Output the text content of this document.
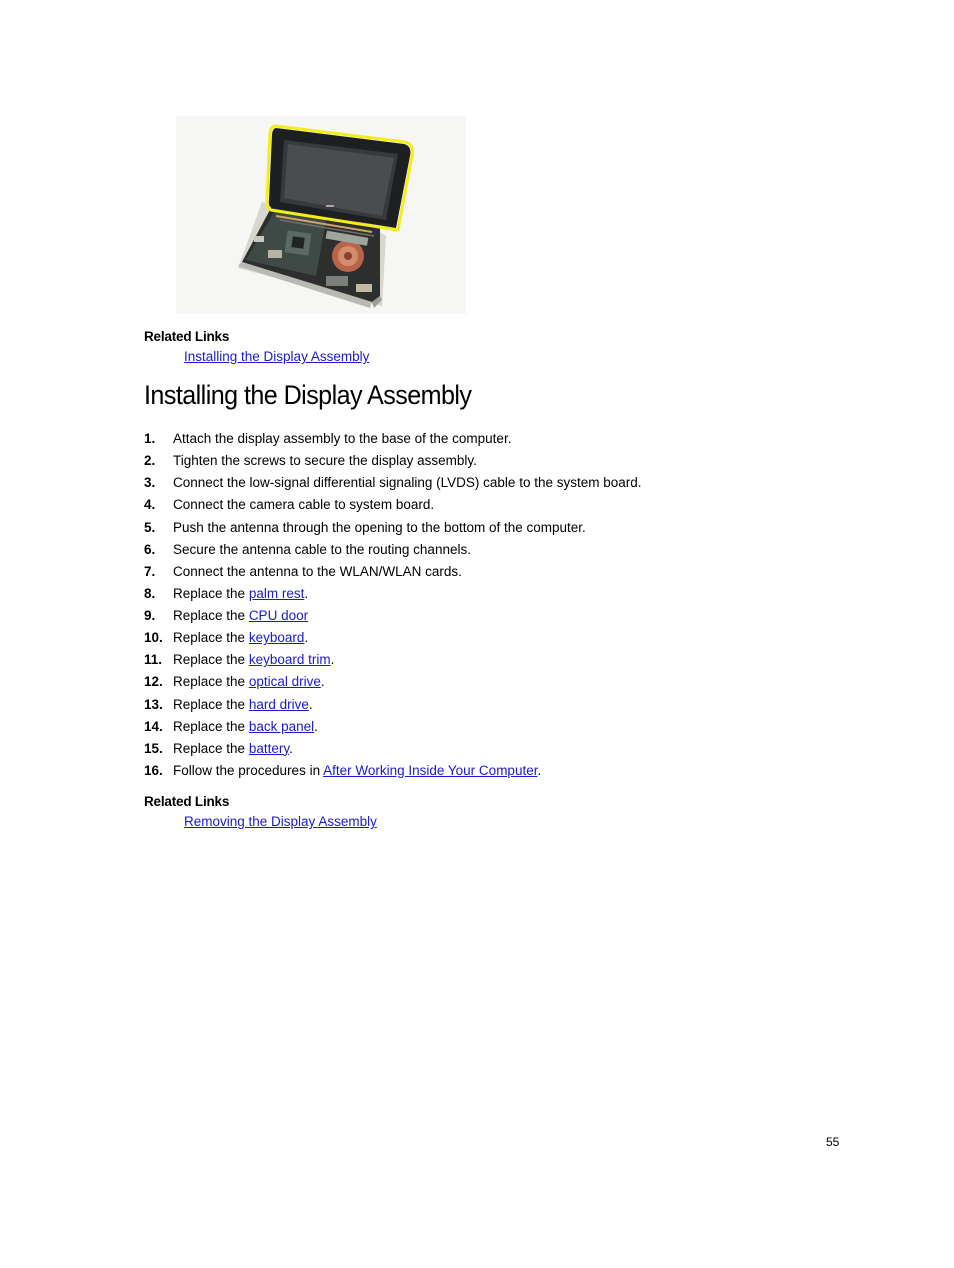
Related Links
Installing the Display Assembly
Installing the Display Assembly
1. Attach the display assembly to the base of the computer.
2. Tighten the screws to secure the display assembly.
3. Connect the low-signal differential signaling (LVDS) cable to the system board.
4. Connect the camera cable to system board.
5. Push the antenna through the opening to the bottom of the computer.
6. Secure the antenna cable to the routing channels.
7. Connect the antenna to the WLAN/WLAN cards.
8. Replace the palm rest.
9. Replace the CPU door
10. Replace the keyboard.
11. Replace the keyboard trim.
12. Replace the optical drive.
13. Replace the hard drive.
14. Replace the back panel.
15. Replace the battery.
16. Follow the procedures in After Working Inside Your Computer.
Related Links
Removing the Display Assembly
55
